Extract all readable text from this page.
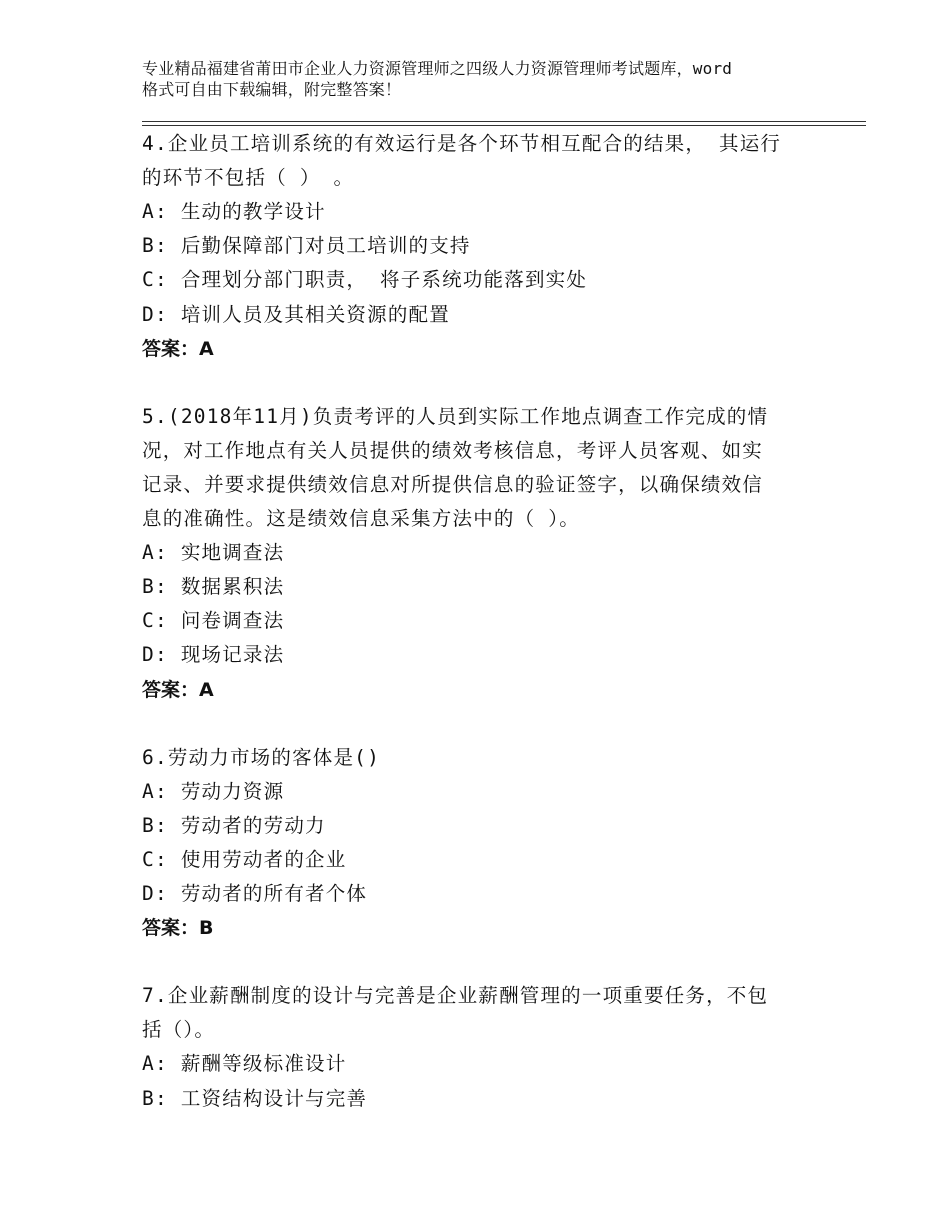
专业精品福建省莆田市企业人力资源管理师之四级人力资源管理师考试题库，word
格式可自由下载编辑，附完整答案！
4.企业员工培训系统的有效运行是各个环节相互配合的结果， 其运行
的环节不包括（ ） 。
A: 生动的教学设计
B: 后勤保障部门对员工培训的支持
C: 合理划分部门职责， 将子系统功能落到实处
D: 培训人员及其相关资源的配置
答案：A
5.(2018年11月)负责考评的人员到实际工作地点调查工作完成的情
况，对工作地点有关人员提供的绩效考核信息，考评人员客观、如实
记录、并要求提供绩效信息对所提供信息的验证签字，以确保绩效信
息的准确性。这是绩效信息采集方法中的（ ）。
A: 实地调查法
B: 数据累积法
C: 问卷调查法
D: 现场记录法
答案：A
6.劳动力市场的客体是()
A: 劳动力资源
B: 劳动者的劳动力
C: 使用劳动者的企业
D: 劳动者的所有者个体
答案：B
7.企业薪酬制度的设计与完善是企业薪酬管理的一项重要任务，不包
括（）。
A: 薪酬等级标准设计
B: 工资结构设计与完善
